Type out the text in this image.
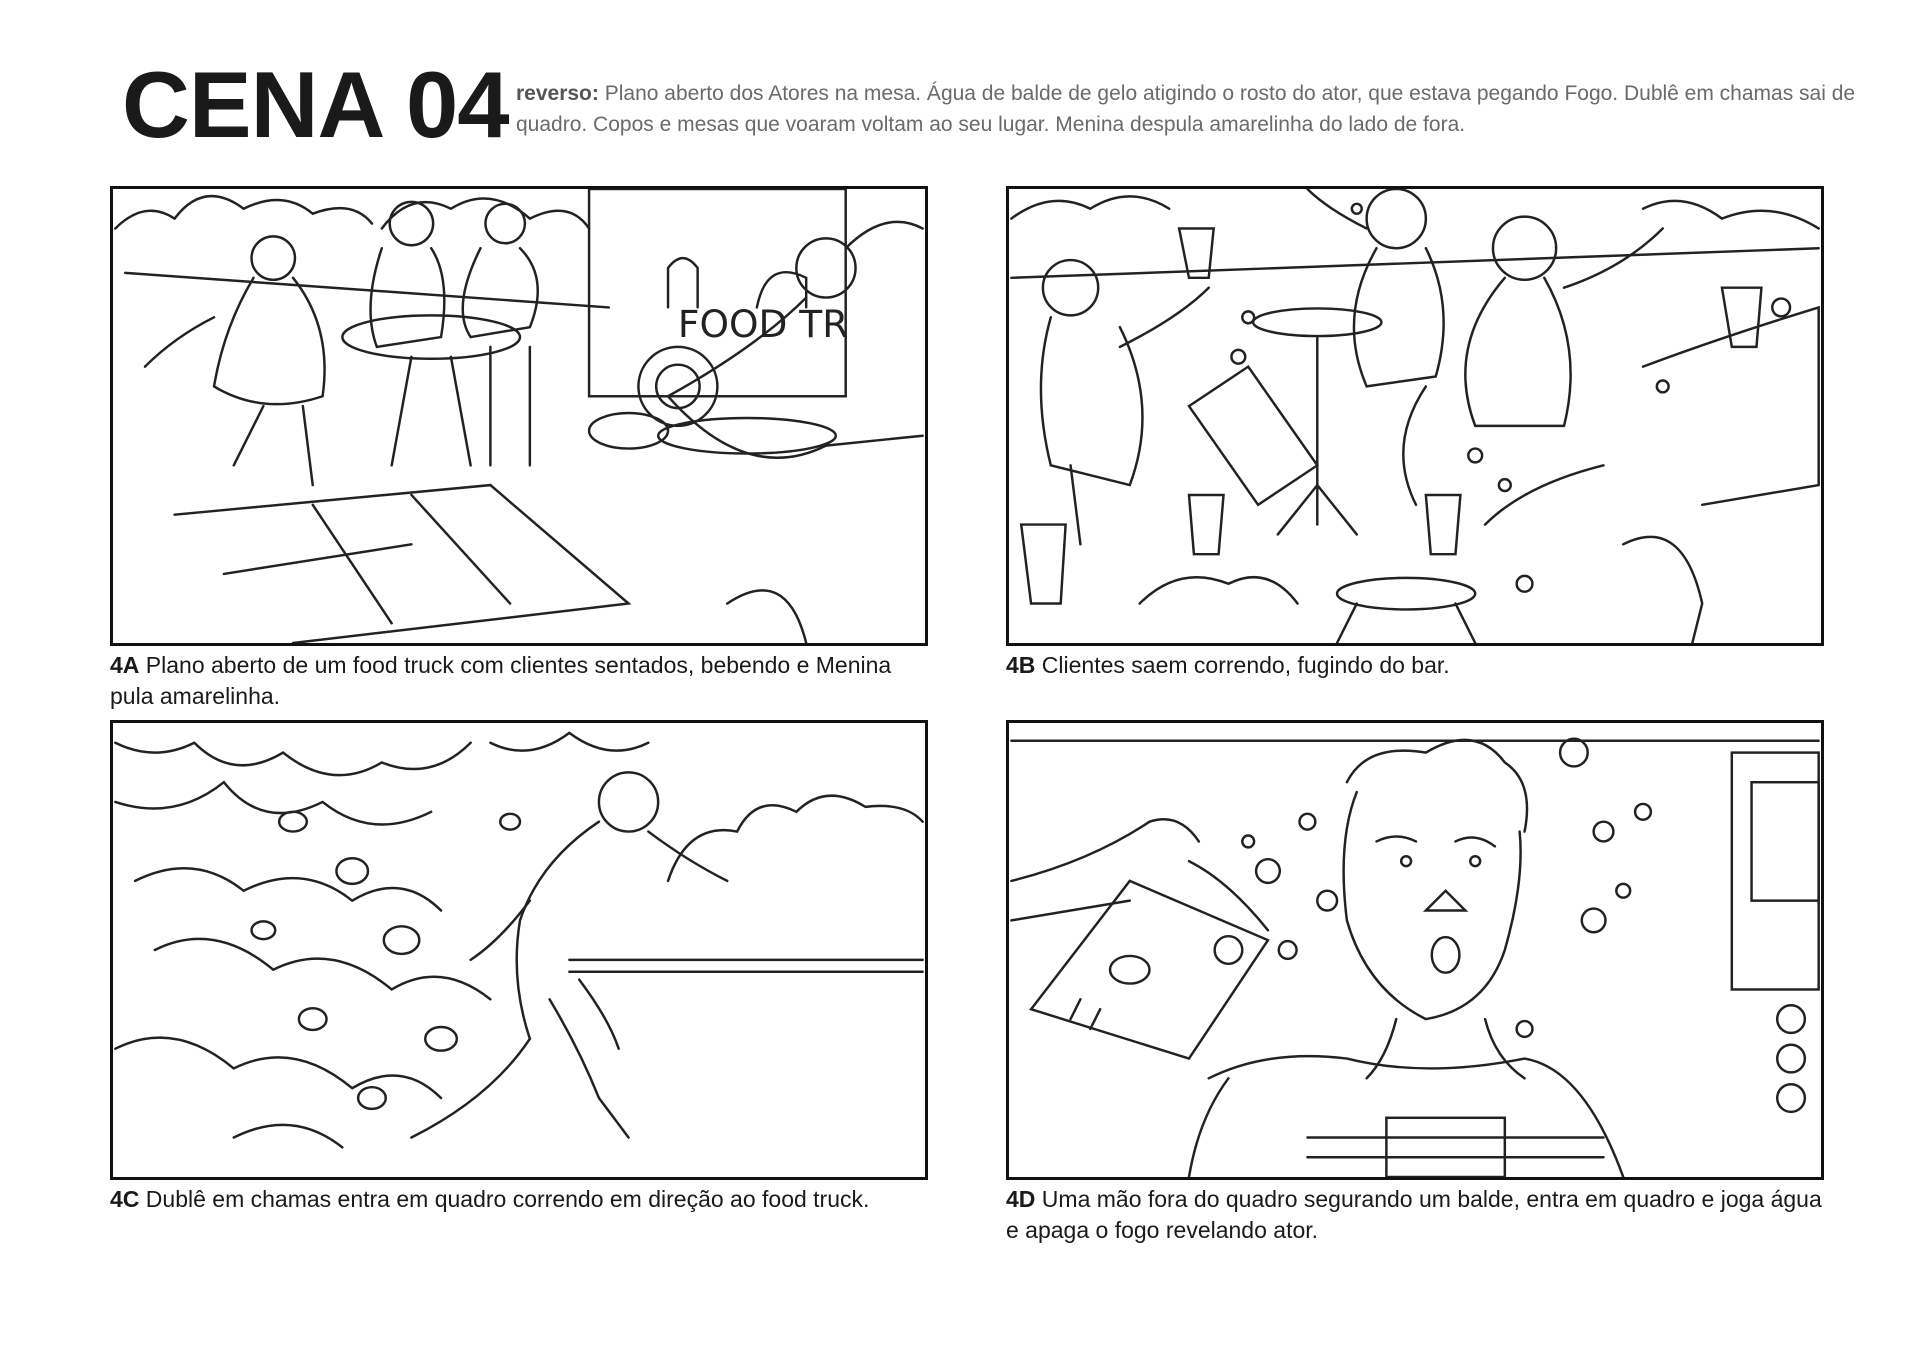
CENA 04 reverso: Plano aberto dos Atores na mesa. Água de balde de gelo atigindo o rosto do ator, que estava pegando Fogo. Dublê em chamas sai de quadro. Copos e mesas que voaram voltam ao seu lugar. Menina despula amarelinha do lado de fora.
FOOD TR
4A Plano aberto de um food truck com clientes sentados, bebendo e Menina pula amarelinha.
4B Clientes saem correndo, fugindo do bar.
4C Dublê em chamas entra em quadro correndo em direção ao food truck.	4D Uma mão fora do quadro segurando um balde, entra em quadro e joga água e apaga o fogo revelando ator.
